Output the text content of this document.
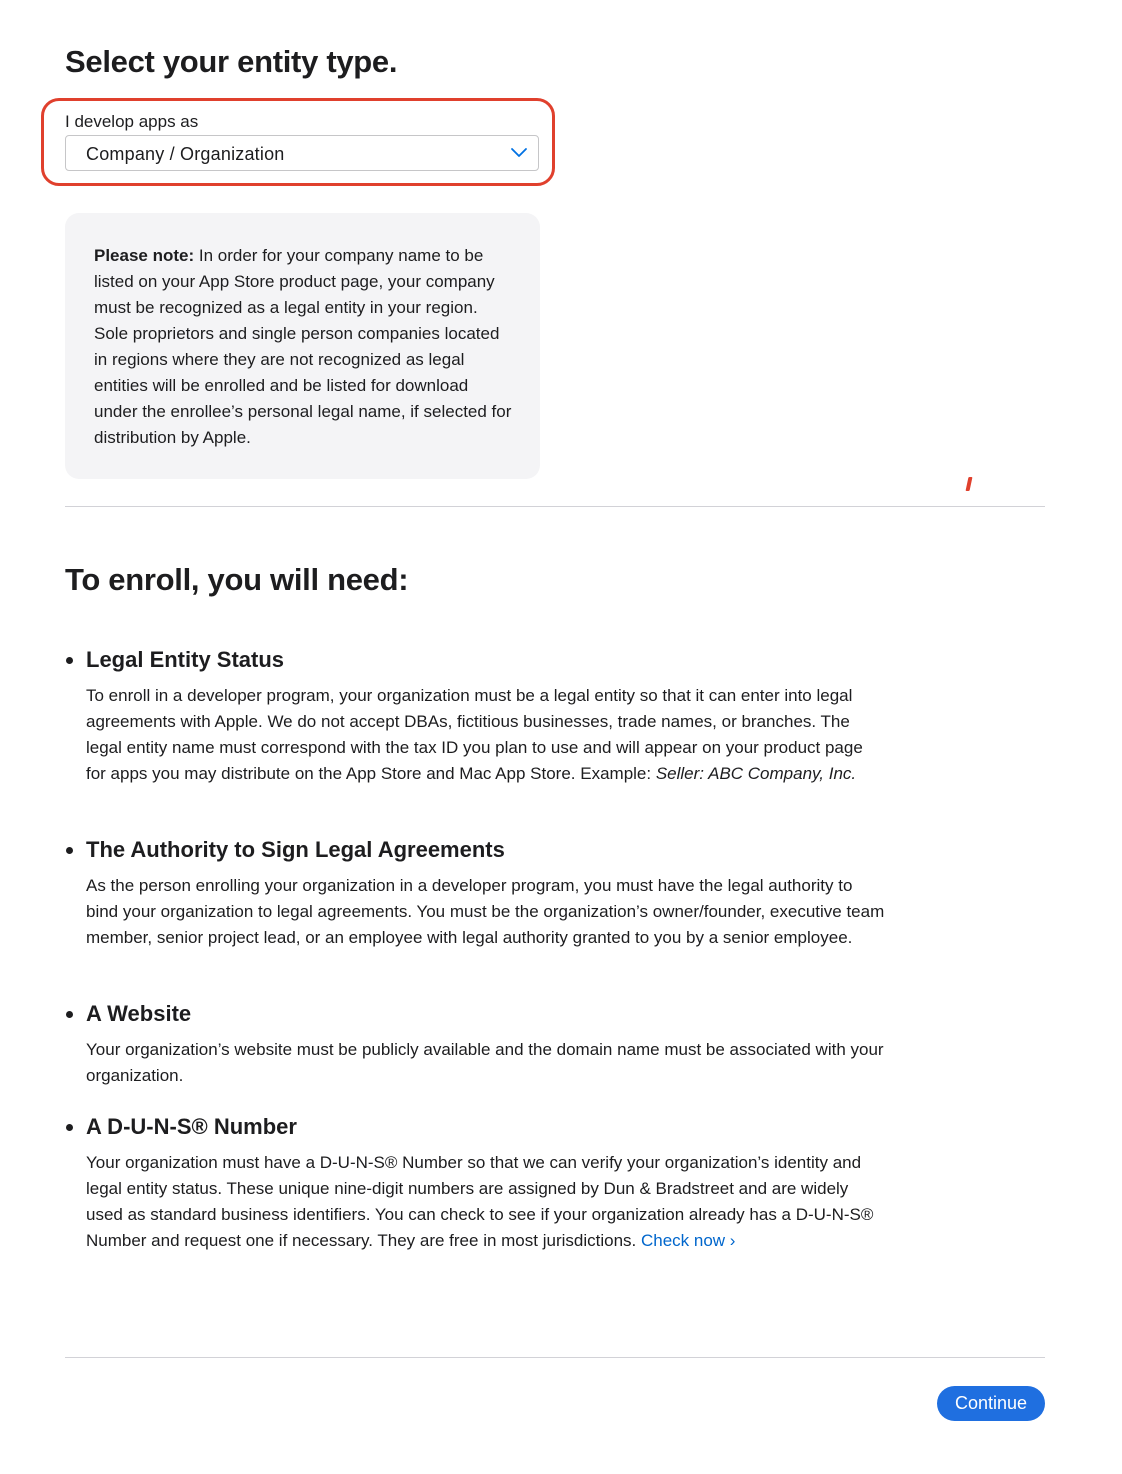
Select your entity type.
I develop apps as
Company / Organization

Please note: In order for your company name to be listed on your App Store product page, your company must be recognized as a legal entity in your region. Sole proprietors and single person companies located in regions where they are not recognized as legal entities will be enrolled and be listed for download under the enrollee’s personal legal name, if selected for distribution by Apple.

To enroll, you will need:
Legal Entity Status

To enroll in a developer program, your organization must be a legal entity so that it can enter into legal agreements with Apple. We do not accept DBAs, fictitious businesses, trade names, or branches. The legal entity name must correspond with the tax ID you plan to use and will appear on your product page for apps you may distribute on the App Store and Mac App Store. Example: Seller: ABC Company, Inc.

The Authority to Sign Legal Agreements

As the person enrolling your organization in a developer program, you must have the legal authority to bind your organization to legal agreements. You must be the organization’s owner/founder, executive team member, senior project lead, or an employee with legal authority granted to you by a senior employee.

A Website

Your organization’s website must be publicly available and the domain name must be associated with your organization.

A D-U-N-S® Number

Your organization must have a D-U-N-S® Number so that we can verify your organization’s identity and legal entity status. These unique nine-digit numbers are assigned by Dun & Bradstreet and are widely used as standard business identifiers. You can check to see if your organization already has a D-U-N-S® Number and request one if necessary. They are free in most jurisdictions. Check now ›

Continue
